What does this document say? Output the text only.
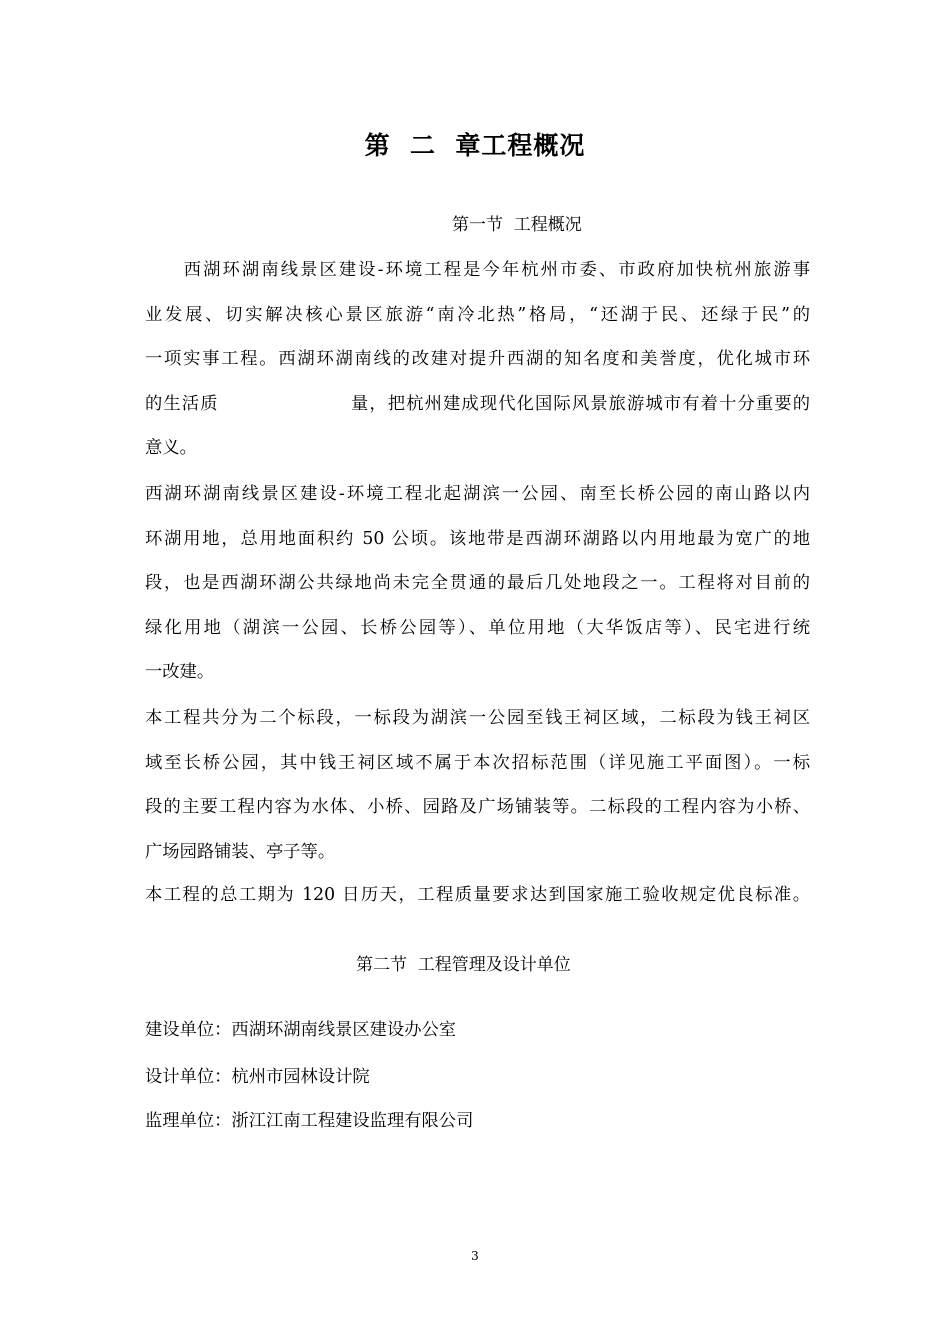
第  二  章工程概况
第一节  工程概况
　　西湖环湖南线景区建设-环境工程是今年杭州市委、市政府加快杭州旅游事
业发展、切实解决核心景区旅游“南冷北热”格局，“还湖于民、还绿于民”的
一项实事工程。西湖环湖南线的改建对提升西湖的知名度和美誉度，优化城市环
的生活质                    量，把杭州建成现代化国际风景旅游城市有着十分重要的
意义。
西湖环湖南线景区建设-环境工程北起湖滨一公园、南至长桥公园的南山路以内
环湖用地，总用地面积约 50 公顷。该地带是西湖环湖路以内用地最为宽广的地
段，也是西湖环湖公共绿地尚未完全贯通的最后几处地段之一。工程将对目前的
绿化用地（湖滨一公园、长桥公园等）、单位用地（大华饭店等）、民宅进行统
一改建。
本工程共分为二个标段，一标段为湖滨一公园至钱王祠区域，二标段为钱王祠区
域至长桥公园，其中钱王祠区域不属于本次招标范围（详见施工平面图）。一标
段的主要工程内容为水体、小桥、园路及广场铺装等。二标段的工程内容为小桥、
广场园路铺装、亭子等。
本工程的总工期为 120 日历天，工程质量要求达到国家施工验收规定优良标准。
第二节  工程管理及设计单位
建设单位：西湖环湖南线景区建设办公室
设计单位：杭州市园林设计院
监理单位：浙江江南工程建设监理有限公司
3
